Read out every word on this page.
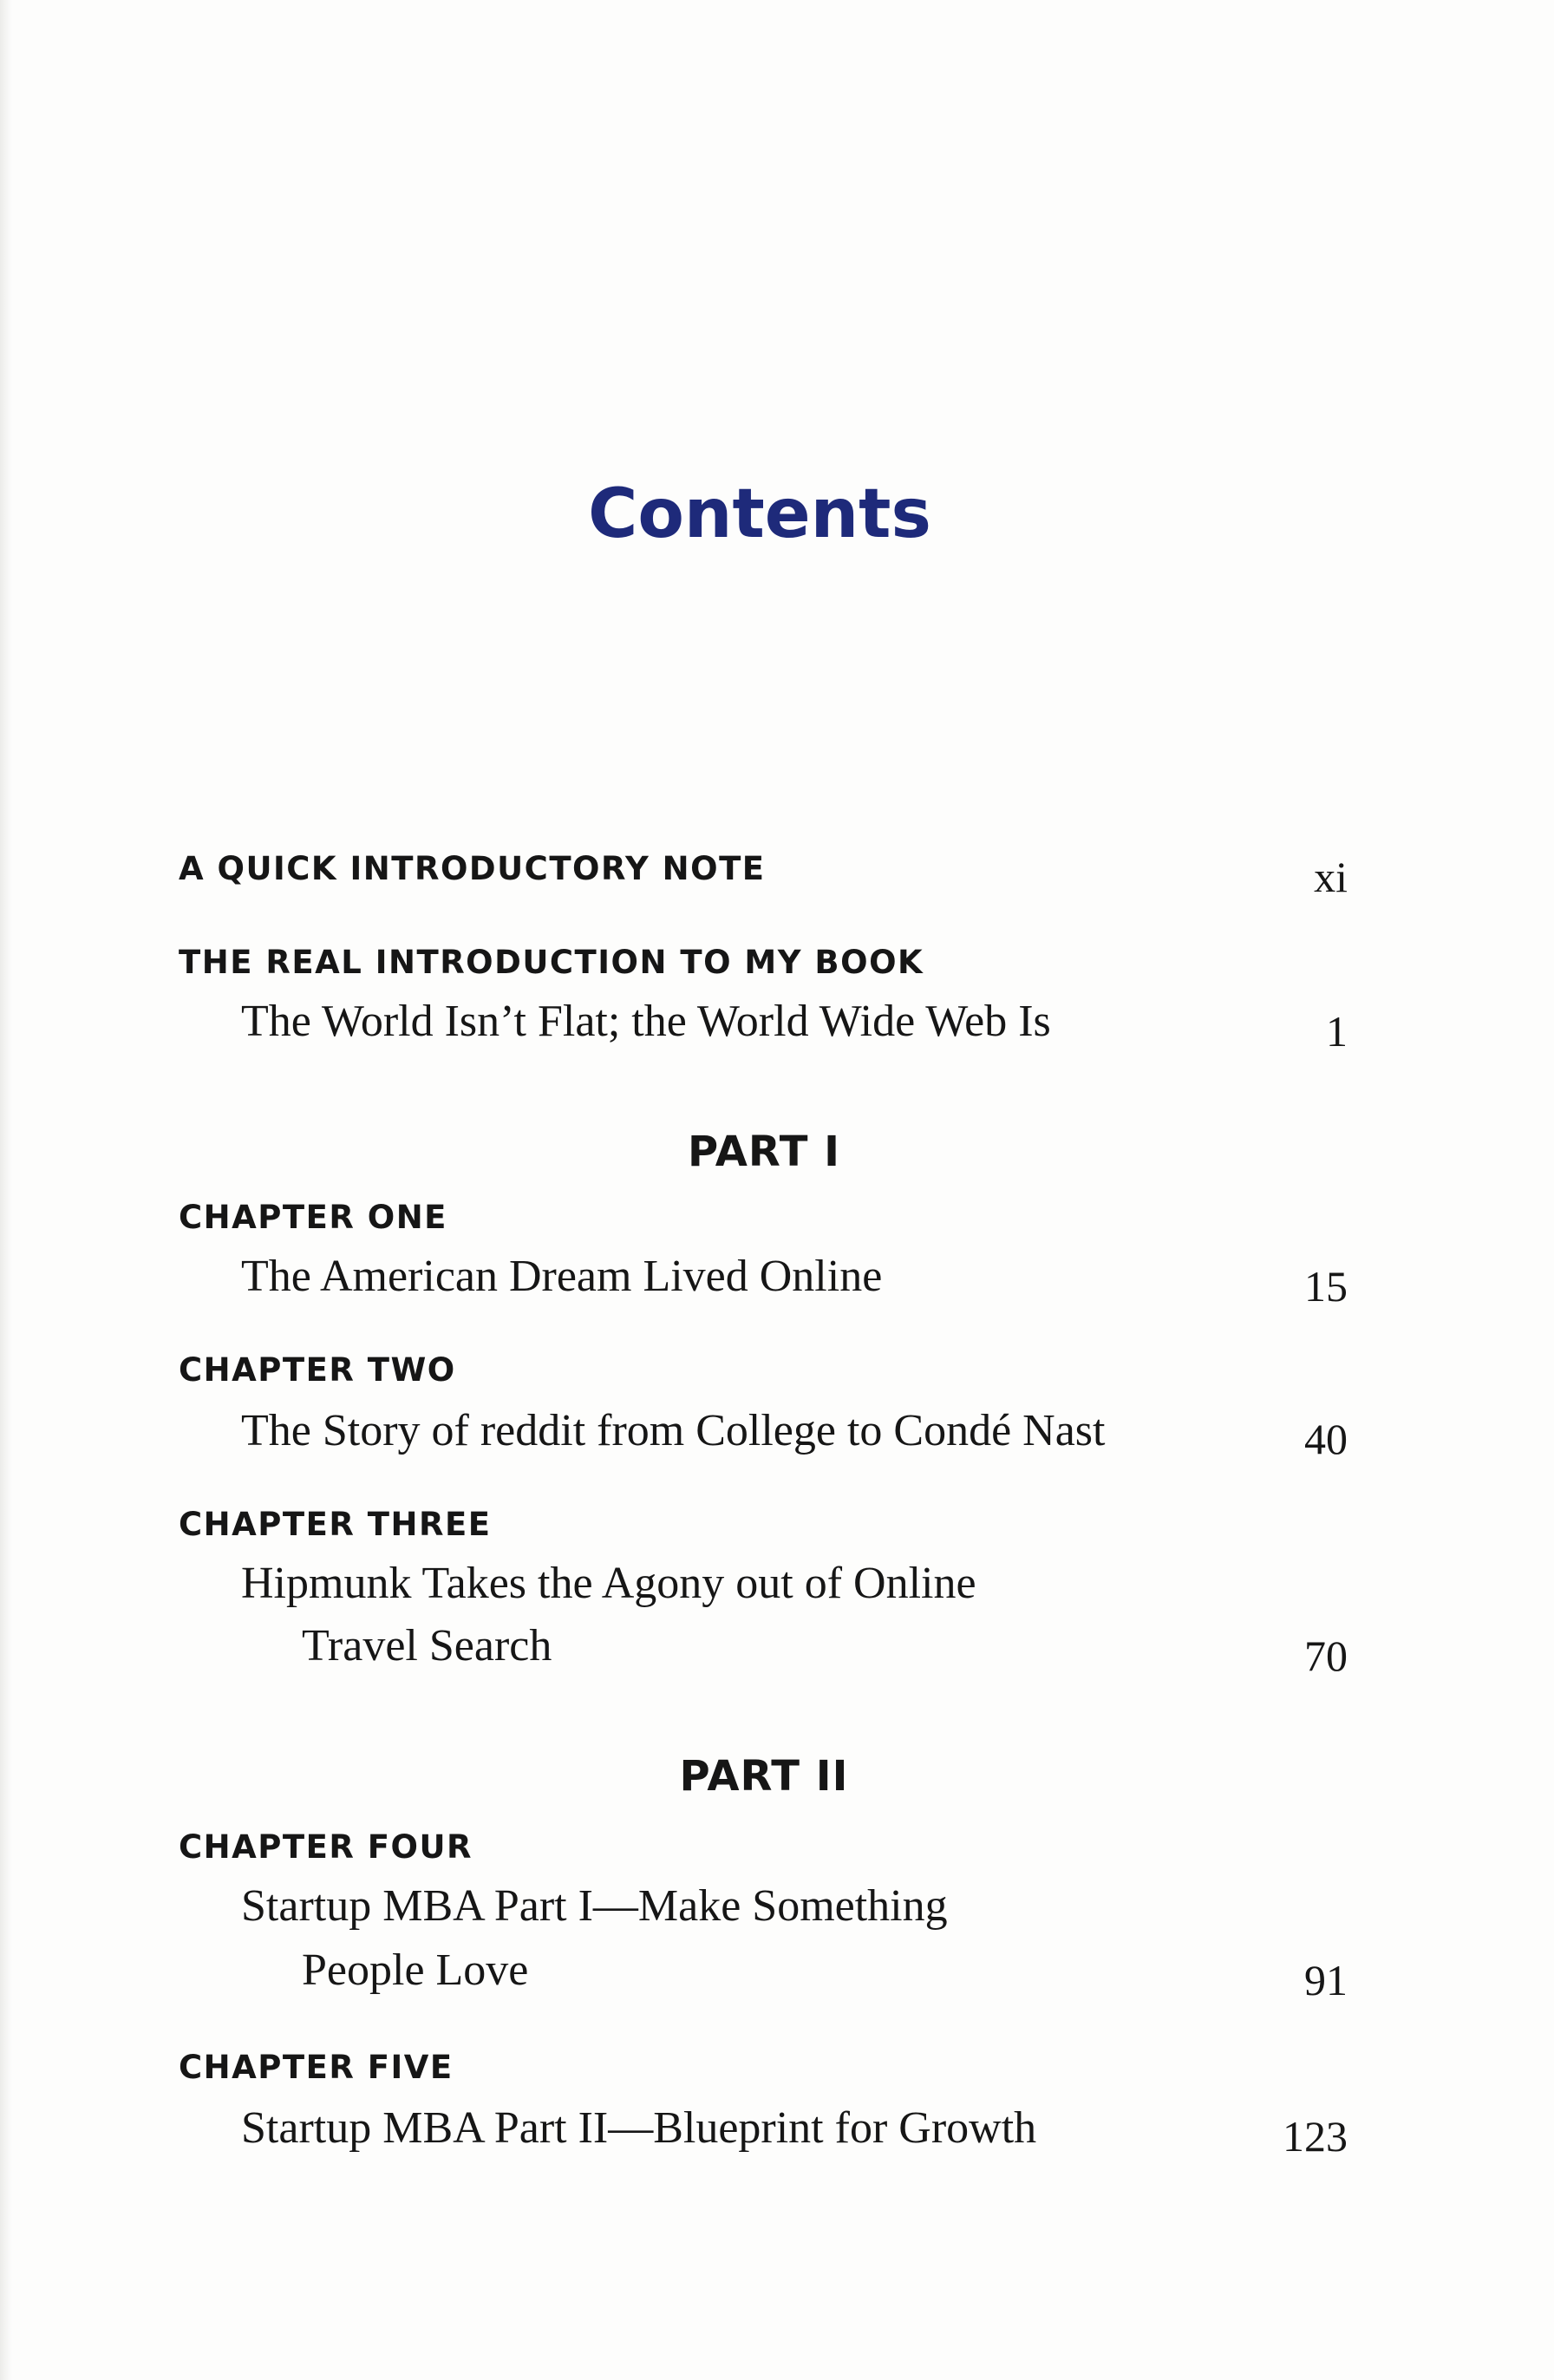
Contents
A QUICK INTRODUCTORY NOTE	xi
THE REAL INTRODUCTION TO MY BOOK
The World Isn’t Flat; the World Wide Web Is	1
PART I
CHAPTER ONE
The American Dream Lived Online	15
CHAPTER TWO
The Story of reddit from College to Condé Nast	40
CHAPTER THREE
Hipmunk Takes the Agony out of Online
Travel Search	70
PART II
CHAPTER FOUR
Startup MBA Part I—Make Something
People Love	91
CHAPTER FIVE
Startup MBA Part II—Blueprint for Growth	123
